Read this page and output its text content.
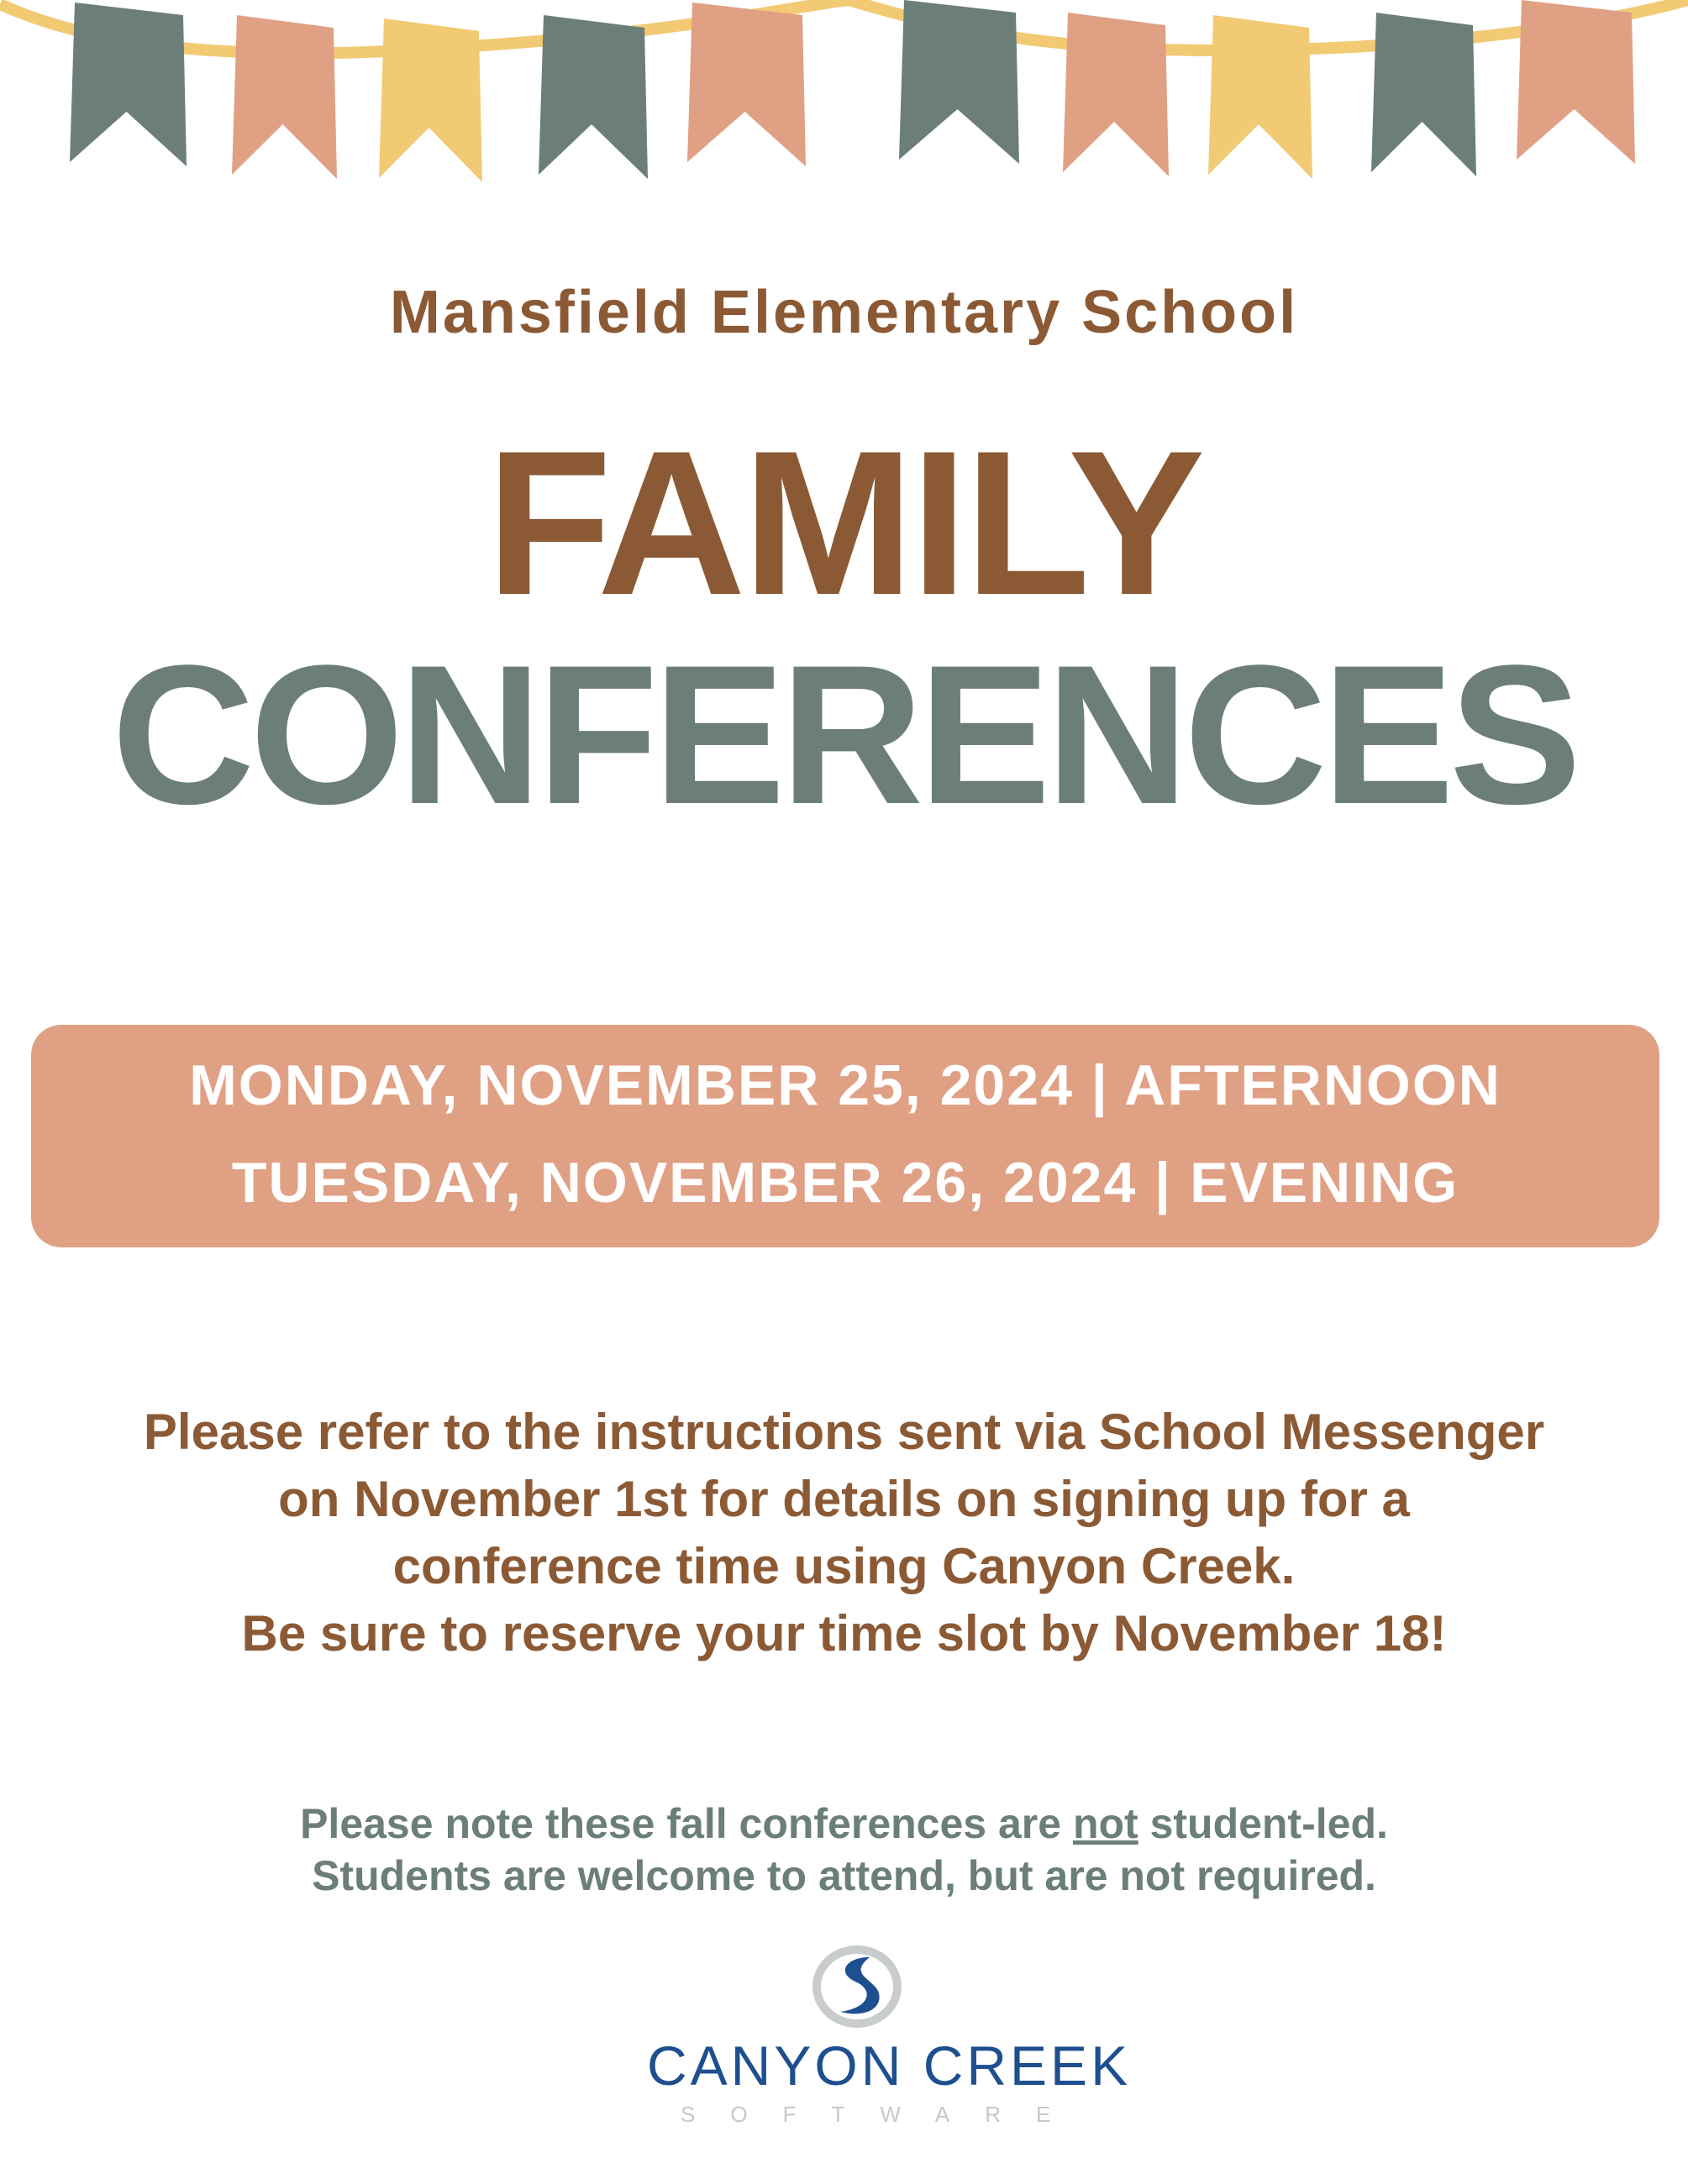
Mansfield Elementary School
FAMILY
CONFERENCES
MONDAY, NOVEMBER 25, 2024 | AFTERNOON
TUESDAY, NOVEMBER 26, 2024 | EVENING
Please refer to the instructions sent via School Messenger
on November 1st for details on signing up for a
conference time using Canyon Creek.
Be sure to reserve your time slot by November 18!
Please note these fall conferences are not student-led.
Students are welcome to attend, but are not required.
CANYON CREEK
SOFTWARE
